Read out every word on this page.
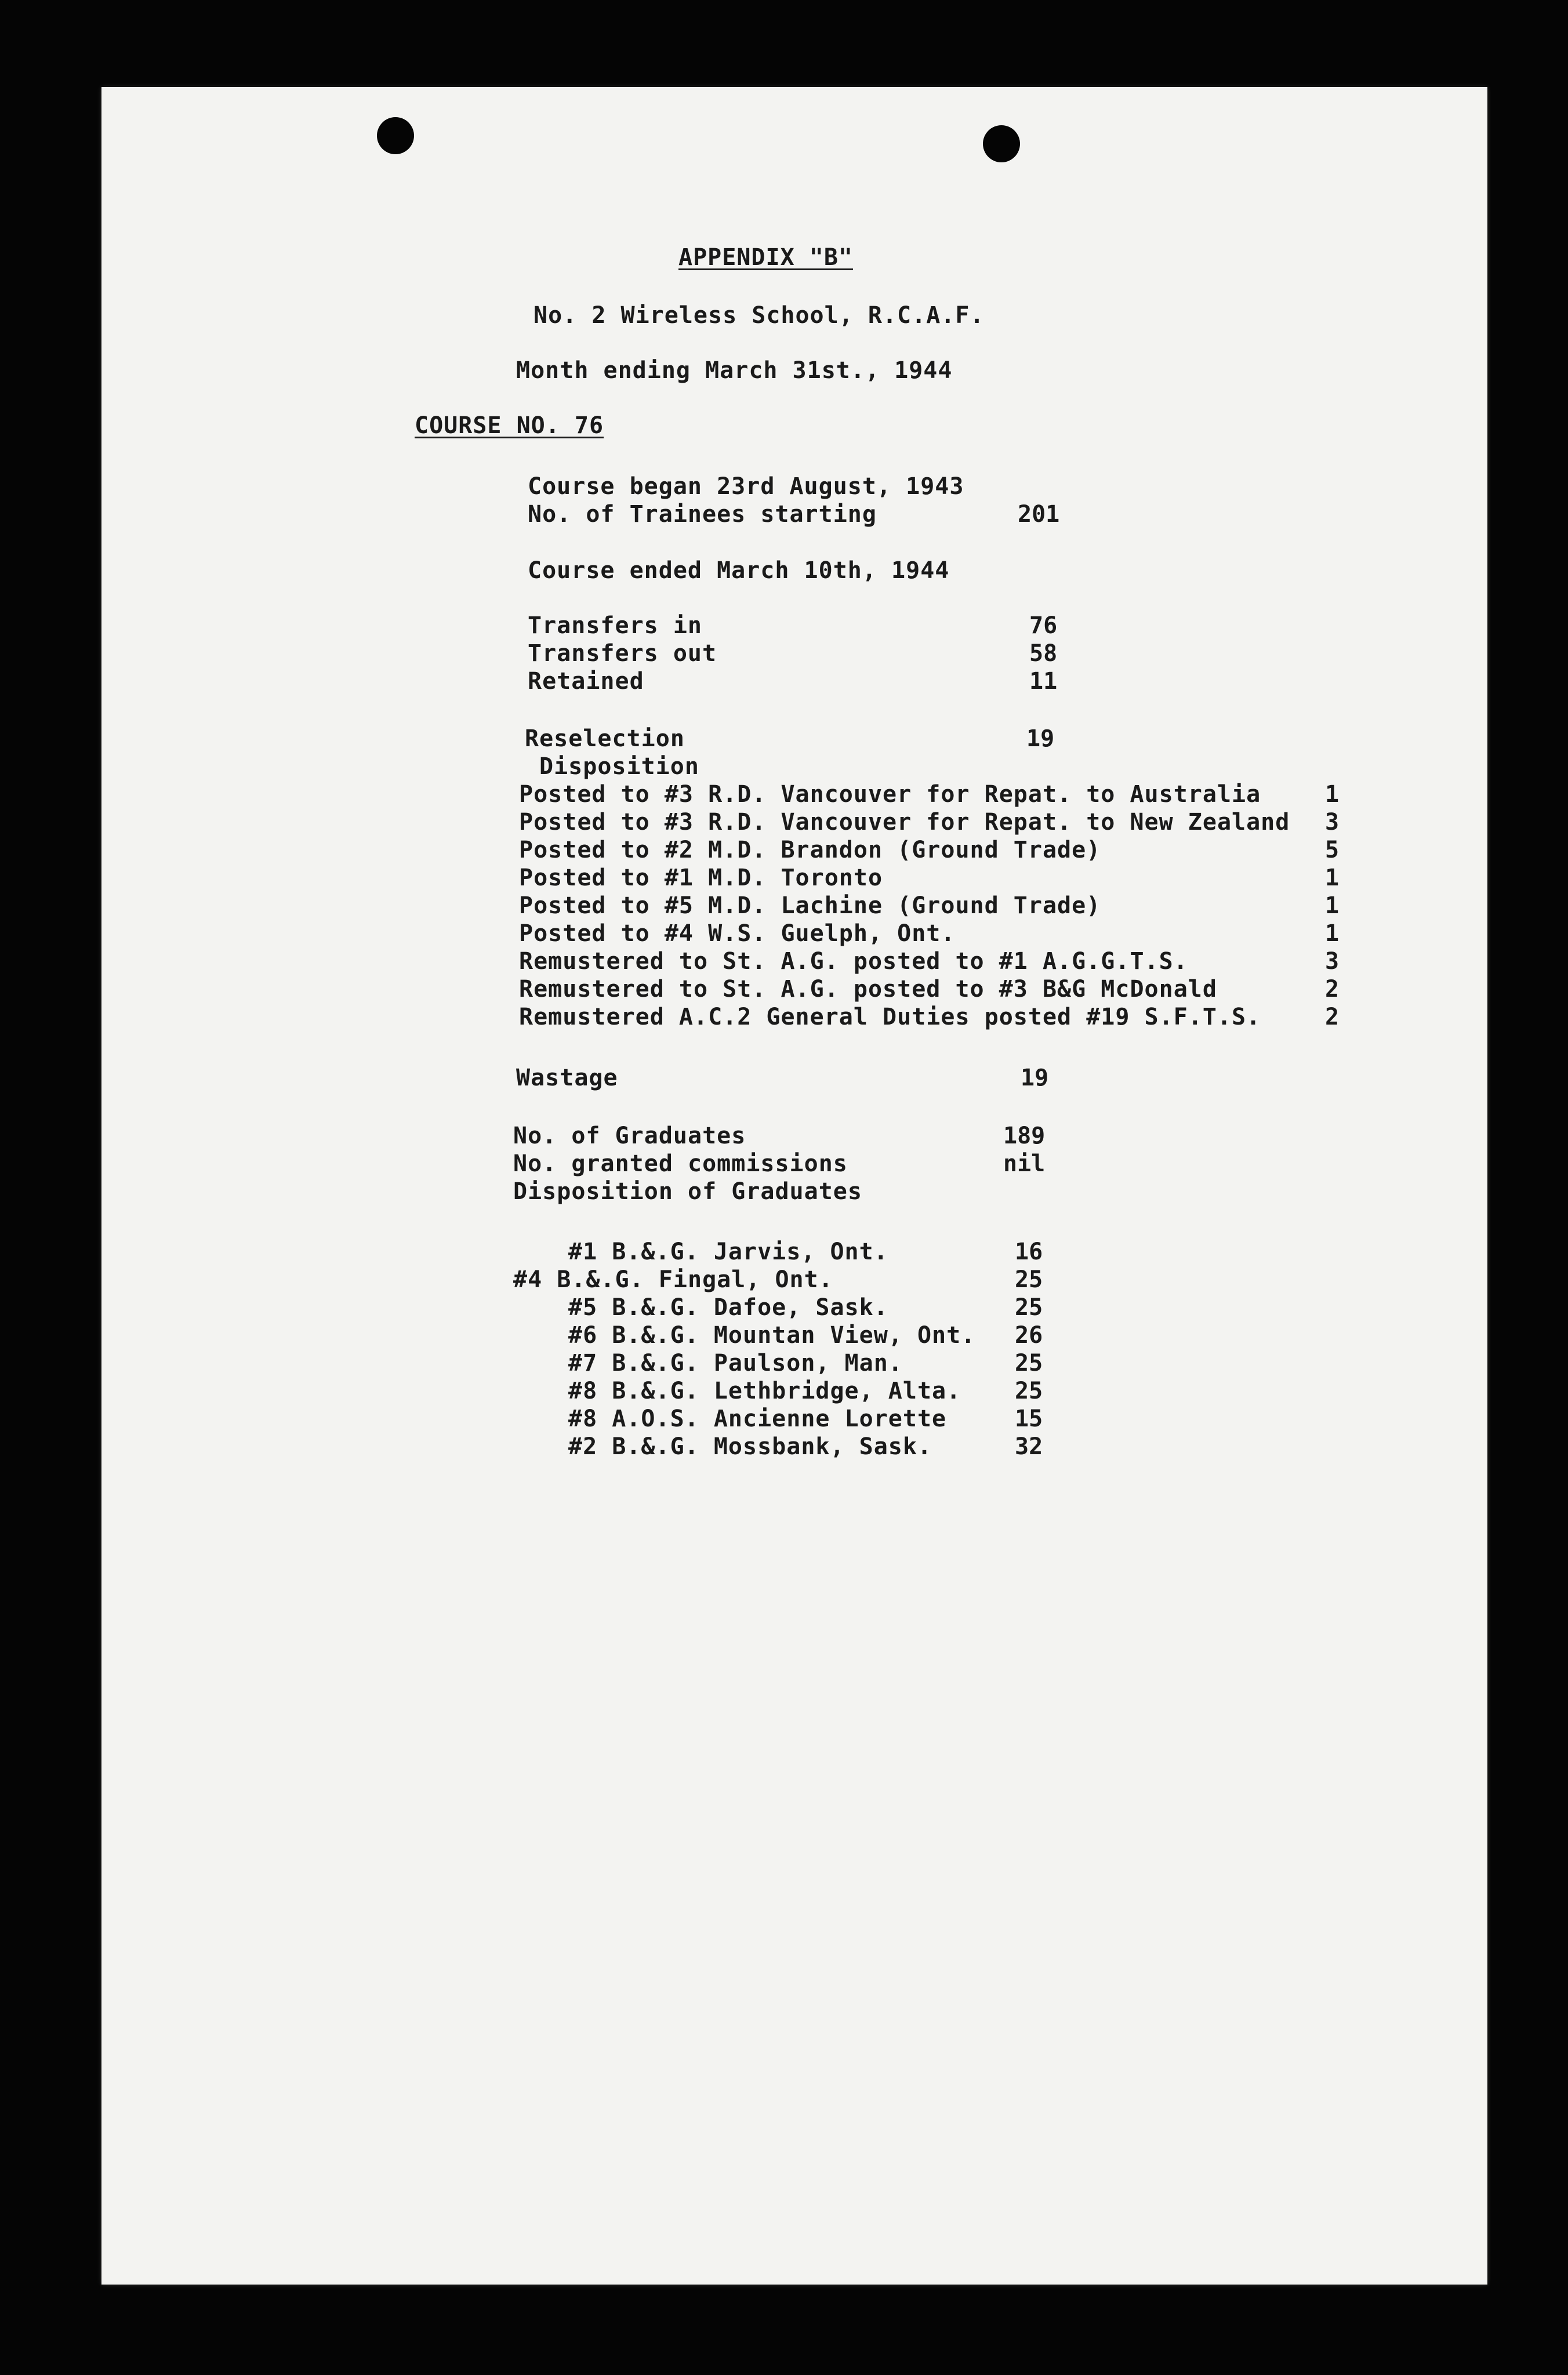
APPENDIX "B"
No. 2 Wireless School, R.C.A.F.
Month ending March 31st., 1944
COURSE NO. 76
Course began 23rd August, 1943
No. of Trainees starting	201
Course ended March 10th, 1944
Transfers in	76
Transfers out	58
Retained	11
Reselection	19
Disposition
Posted to #3 R.D. Vancouver for Repat. to Australia	1
Posted to #3 R.D. Vancouver for Repat. to New Zealand 3
Posted to #2 M.D. Brandon (Ground Trade)	5
Posted to #1 M.D. Toronto	1
Posted to #5 M.D. Lachine (Ground Trade)	1
Posted to #4 W.S. Guelph, Ont.	1
Remustered to St. A.G. posted to #1 A.G.G.T.S.	3
Remustered to St. A.G. posted to #3 B&G McDonald	2
Remustered A.C.2 General Duties posted #19 S.F.T.S.	2
Wastage	19
No. of Graduates	189
No. granted commissions	nil
Disposition of Graduates
#1 B.&.G. Jarvis, Ont.	16
#4 B.&.G. Fingal, Ont.	25
#5 B.&.G. Dafoe, Sask.	25
#6 B.&.G. Mountan View, Ont. 26
#7 B.&.G. Paulson, Man.	25
#8 B.&.G. Lethbridge, Alta. 25
#8 A.O.S. Ancienne Lorette	15
#2 B.&.G. Mossbank, Sask.	32
